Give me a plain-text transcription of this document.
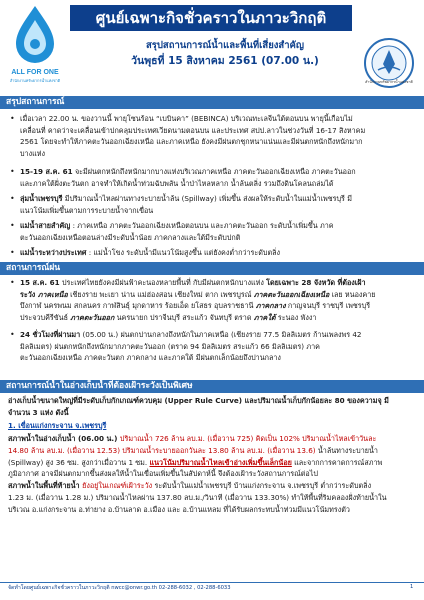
ALL FOR ONE
สำนักงานทรัพยากรน้ำแห่งชาติ
ศูนย์เฉพาะกิจชั่วคราวในภาวะวิกฤติ
สรุปสถานการณ์น้ำและพื้นที่เสี่ยงสำคัญ
วันพุธที่ 15 สิงหาคม 2561 (07.00 น.)
สำนักงานทรัพยากรน้ำแห่งชาติ
สรุปสถานการณ์
• เมื่อเวลา 22.00 น. ของวานนี้ พายุโซนร้อน “เบบินคา” (BEBINCA) บริเวณทะเลจีนใต้ตอนบน พายุนี้เกือบไม่
เคลื่อนที่ คาดว่าจะเคลื่อนเข้าปกคลุมประเทศเวียดนามตอนบน และประเทศ สปป.ลาวในช่วงวันที่ 16-17 สิงหาคม
2561 โดยจะทำให้ภาคตะวันออกเฉียงเหนือ และภาคเหนือ ยังคงมีฝนตกชุกหนาแน่นและมีฝนตกหนักถึงหนักมาก
บางแห่ง
• 15-19 ส.ค. 61 จะมีฝนตกหนักถึงหนักมากบางแห่งบริเวณภาคเหนือ ภาคตะวันออกเฉียงเหนือ ภาคตะวันออก
และภาคใต้ฝั่งตะวันตก อาจทำให้เกิดน้ำท่วมฉับพลัน น้ำป่าไหลหลาก น้ำล้นตลิ่ง รวมถึงดินโคลนถล่มได้
• ลุ่มน้ำเพชรบุรี มีปริมาณน้ำไหลผ่านทางระบายน้ำล้น (Spillway) เพิ่มขึ้น ส่งผลให้ระดับน้ำในแม่น้ำเพชรบุรี มี
แนวโน้มเพิ่มขึ้นตามการระบายน้ำจากเขื่อน
• แม่น้ำสายสำคัญ : ภาคเหนือ ภาคตะวันออกเฉียงเหนือตอนบน และภาคตะวันออก ระดับน้ำเพิ่มขึ้น ภาค
ตะวันออกเฉียงเหนือตอนล่างมีระดับน้ำน้อย ภาคกลางและใต้มีระดับปกติ
• แม่น้ำระหว่างประเทศ : แม่น้ำโขง ระดับน้ำมีแนวโน้มสูงขึ้น แต่ยังคงต่ำกว่าระดับตลิ่ง
สถานการณ์ฝน
• 15 ส.ค. 61 ประเทศไทยยังคงมีฝนฟ้าคะนองหลายพื้นที่ กับมีฝนตกหนักบางแห่ง โดยเฉพาะ 28 จังหวัด ที่ต้องเฝ้า
ระวัง ภาคเหนือ เชียงราย พะเยา น่าน แม่ฮ่องสอน เชียงใหม่ ตาก เพชรบูรณ์ ภาคตะวันออกเฉียงเหนือ เลย หนองคาย
บึงกาฬ นครพนม สกลนคร กาฬสินธุ์ มุกดาหาร ร้อยเอ็ด ยโสธร อุบลราชธานี ภาคกลาง กาญจนบุรี ราชบุรี เพชรบุรี
ประจวบคีรีขันธ์ ภาคตะวันออก นครนายก ปราจีนบุรี สระแก้ว จันทบุรี ตราด ภาคใต้ ระนอง พังงา
• 24 ชั่วโมงที่ผ่านมา (05.00 น.) ฝนตกปานกลางถึงหนักในภาคเหนือ (เชียงราย 77.5 มิลลิเมตร ก้านเพลงพร 42
มิลลิเมตร) ฝนตกหนักถึงหนักมากภาคตะวันออก (ตราด 94 มิลลิเมตร สระแก้ว 66 มิลลิเมตร) ภาค
ตะวันออกเฉียงเหนือ ภาคตะวันตก ภาคกลาง และภาคใต้ มีฝนตกเล็กน้อยถึงปานกลาง
สถานการณ์น้ำในอ่างเก็บน้ำที่ต้องเฝ้าระวังเป็นพิเศษ
อ่างเก็บน้ำขนาดใหญ่ที่มีระดับเก็บกักเกณฑ์ควบคุม (Upper Rule Curve) และปริมาณน้ำเก็บกักน้อยละ 80 ของความจุ มี
จำนวน 3 แห่ง ดังนี้
1. เขื่อนแก่งกระจาน จ.เพชรบุรี
สภาพน้ำในอ่างเก็บน้ำ (06.00 น.) ปริมาณน้ำ 726 ล้าน ลบ.ม. (เมื่อวาน 725) คิดเป็น 102% ปริมาณน้ำไหลเข้าวันละ
14.80 ล้าน ลบ.ม. (เมื่อวาน 12.53) ปริมาณน้ำระบายออกวันละ 13.80 ล้าน ลบ.ม. (เมื่อวาน 13.6) น้ำล้นทางระบายน้ำ
(Spillway) สูง 36 ซม. สูงกว่าเมื่อวาน 1 ซม. แนวโน้มปริมาณน้ำไหลเข้าอ่างเพิ่มขึ้นเล็กน้อย และจากการคาดการณ์สภาพ
ภูมิอากาศ อาจมีฝนตกมากขึ้นส่งผลให้น้ำในเขื่อนเพิ่มขึ้นในสัปดาห์นี้ จึงต้องเฝ้าระวังสถานการณ์ต่อไป
สภาพน้ำในพื้นที่ท้ายน้ำ ยังอยู่ในเกณฑ์เฝ้าระวัง ระดับน้ำในแม่น้ำเพชรบุรี บ้านแก่งกระจาน จ.เพชรบุรี ต่ำกว่าระดับตลิ่ง
1.23 ม. (เมื่อวาน 1.28 ม.) ปริมาณน้ำไหลผ่าน 137.80 ลบ.ม./วินาที (เมื่อวาน 133.30%) ทำให้พื้นที่ริมคลองฝั่งท้ายน้ำใน
บริเวณ อ.แก่งกระจาน อ.ท่ายาง อ.บ้านลาด อ.เมือง และ อ.บ้านแหลม ที่ได้รับผลกระทบน้ำท่วมมีแนวโน้มทรงตัว
จัดทำโดยศูนย์เฉพาะกิจชั่วคราวในภาวะวิกฤติ nwcc@onwr.go.th 02-288-6032 , 02-288-6033	1
